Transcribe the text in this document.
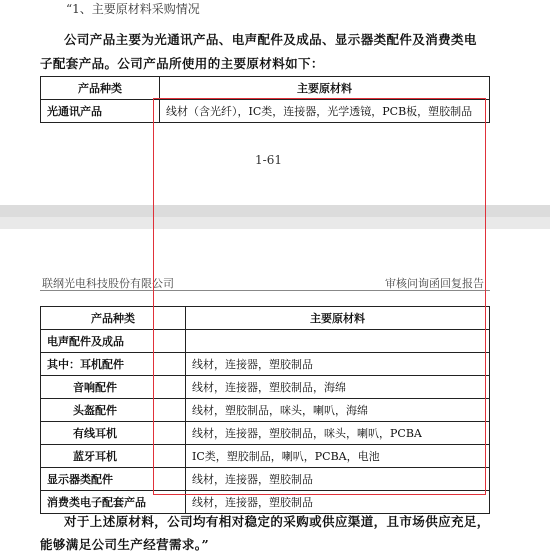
“1、主要原材料采购情况
公司产品主要为光通讯产品、电声配件及成品、显示器类配件及消费类电
子配套产品。公司产品所使用的主要原材料如下：
产品种类	主要原材料
光通讯产品	线材（含光纤），IC类，连接器，光学透镜，PCB板，塑胶制品
1-61
联纲光电科技股份有限公司	审核问询函回复报告
产品种类	主要原材料
电声配件及成品	
其中：耳机配件	线材，连接器，塑胶制品
音响配件	线材，连接器，塑胶制品，海绵
头盔配件	线材，塑胶制品，咪头，喇叭，海绵
有线耳机	线材，连接器，塑胶制品，咪头，喇叭，PCBA
蓝牙耳机	IC类，塑胶制品，喇叭，PCBA，电池
显示器类配件	线材，连接器，塑胶制品
消费类电子配套产品	线材，连接器，塑胶制品
对于上述原材料，公司均有相对稳定的采购或供应渠道，且市场供应充足，
能够满足公司生产经营需求。”
